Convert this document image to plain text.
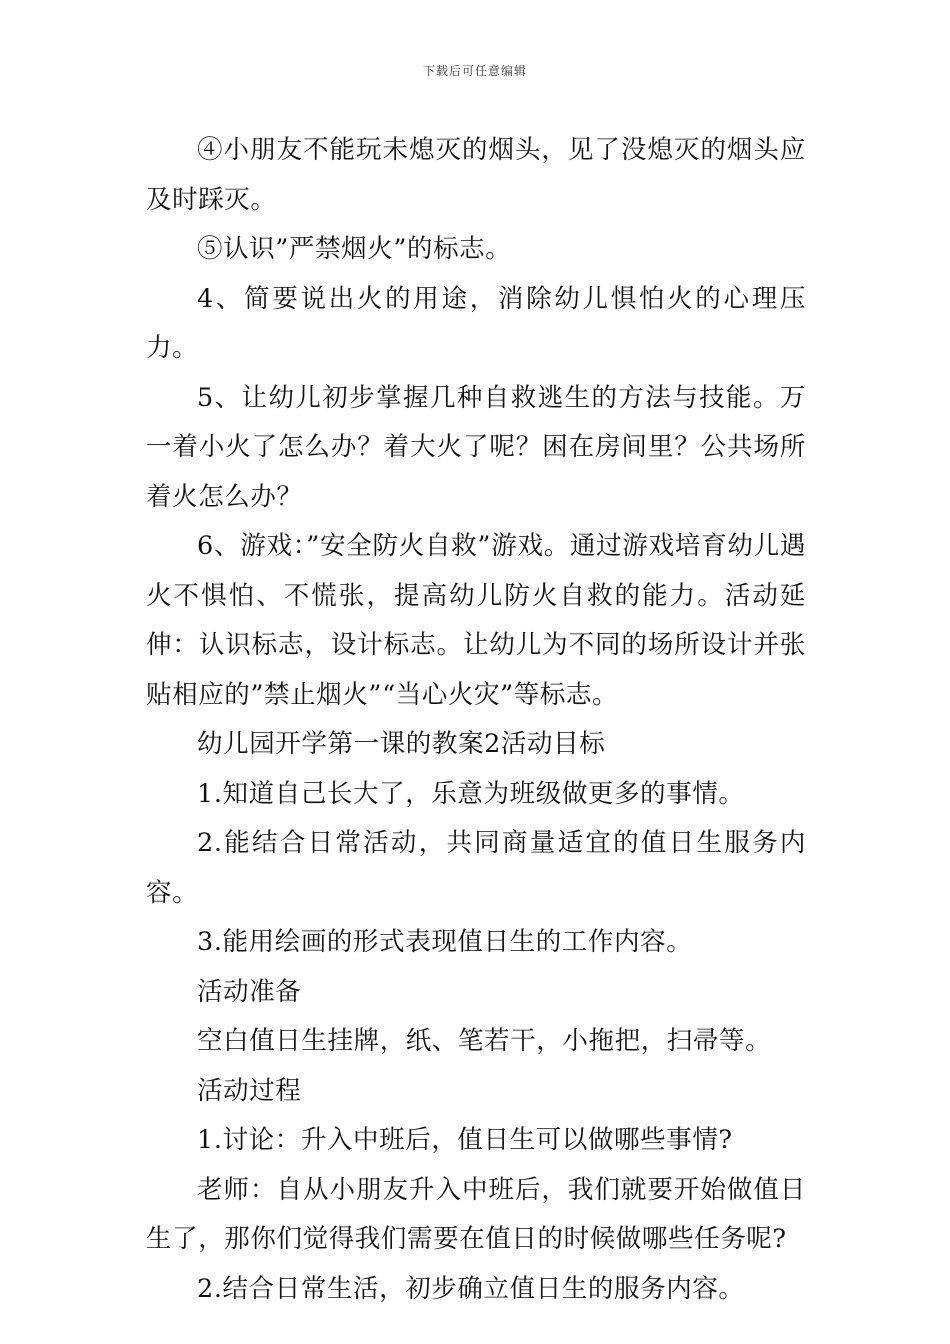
下载后可任意编辑

④小朋友不能玩未熄灭的烟头，见了没熄灭的烟头应及时踩灭。

⑤认识”严禁烟火”的标志。

4、简要说出火的用途，消除幼儿惧怕火的心理压力。

5、让幼儿初步掌握几种自救逃生的方法与技能。万一着小火了怎么办？着大火了呢？困在房间里？公共场所着火怎么办？

6、游戏：”安全防火自救”游戏。通过游戏培育幼儿遇火不惧怕、不慌张，提高幼儿防火自救的能力。活动延伸：认识标志，设计标志。让幼儿为不同的场所设计并张贴相应的”禁止烟火”“当心火灾”等标志。

幼儿园开学第一课的教案2活动目标

1.知道自己长大了，乐意为班级做更多的事情。

2.能结合日常活动，共同商量适宜的值日生服务内容。

3.能用绘画的形式表现值日生的工作内容。

活动准备

空白值日生挂牌，纸、笔若干，小拖把，扫帚等。

活动过程

1.讨论：升入中班后，值日生可以做哪些事情?

老师：自从小朋友升入中班后，我们就要开始做值日生了，那你们觉得我们需要在值日的时候做哪些任务呢?

2.结合日常生活，初步确立值日生的服务内容。
